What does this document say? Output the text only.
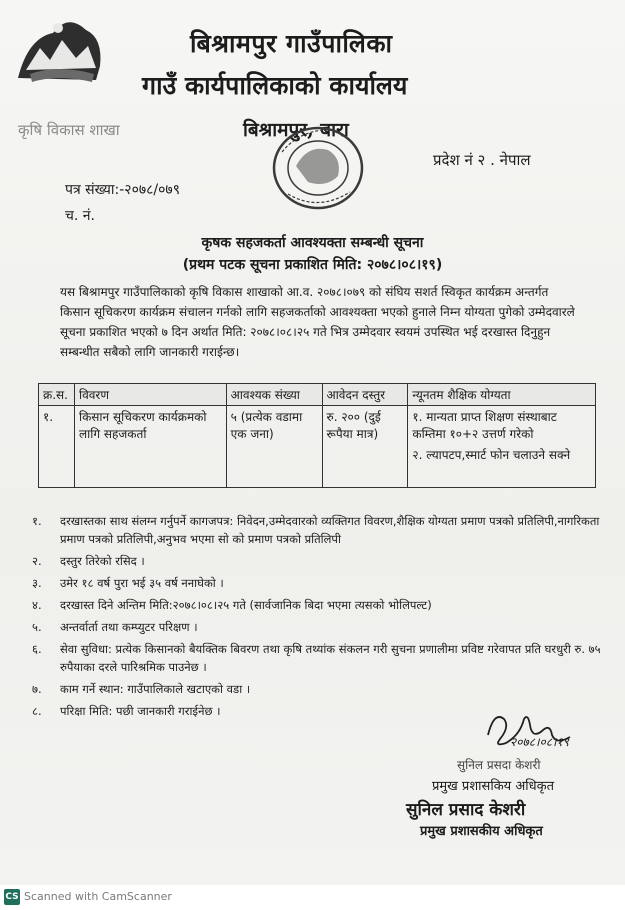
बिश्रामपुर गाउँपालिका
गाउँ कार्यपालिकाको कार्यालय
कृषि विकास शाखा	बिश्रामपुर, बारा
प्रदेश नं २ . नेपाल
पत्र संख्या:-२०७८/०७९
च. नं.
कृषक सहजकर्ता आवश्यक्ता सम्बन्धी सूचना
(प्रथम पटक सूचना प्रकाशित मिति: २०७८।०८।१९)
यस बिश्रामपुर गाउँपालिकाको कृषि विकास शाखाको आ.व. २०७८।०७९ को संघिय सशर्त स्विकृत कार्यक्रम अन्तर्गत किसान सूचिकरण कार्यक्रम संचालन गर्नको लागि सहजकर्ताको आवश्यक्ता भएको हुनाले निम्न योग्यता पुगेको उम्मेदवारले सूचना प्रकाशित भएको ७ दिन अर्थात मिति: २०७८।०८।२५ गते भित्र उम्मेदवार स्वयमं उपस्थित भई दरखास्त दिनुहुन सम्बन्धीत सबैको लागि जानकारी गराईन्छ।
क्र.स.	विवरण	आवश्यक संख्या	आवेदन दस्तुर	न्यूनतम शैक्षिक योग्यता
१.	किसान सूचिकरण कार्यक्रमको लागि सहजकर्ता	५ (प्रत्येक वडामा एक जना)	रु. २०० (दुई रूपैया मात्र)	१. मान्यता प्राप्त शिक्षण संस्थाबाट कम्तिमा १०+२ उत्तर्ण गरेको
२. ल्यापटप,स्मार्ट फोन चलाउने सक्ने
१. दरखास्तका साथ संलग्न गर्नुपर्ने कागजपत्र: निवेदन,उम्मेदवारको व्यक्तिगत विवरण,शैक्षिक योग्यता प्रमाण पत्रको प्रतिलिपी,नागरिकता प्रमाण पत्रको प्रतिलिपी,अनुभव भएमा सो को प्रमाण पत्रको प्रतिलिपी
२. दस्तुर तिरेको रसिद ।
३. उमेर १८ वर्ष पुरा भई ३५ वर्ष ननाघेको ।
४. दरखास्त दिने अन्तिम मिति:२०७८।०८।२५ गते (सार्वजानिक बिदा भएमा त्यसको भोलिपल्ट)
५. अन्तर्वार्ता तथा कम्प्युटर परिक्षण ।
६. सेवा सुविधा: प्रत्येक किसानको बैयक्तिक बिवरण तथा कृषि तथ्यांक संकलन गरी सुचना प्रणालीमा प्रविष्ट गरेवापत प्रति घरधुरी रु. ७५ रुपैयाका दरले पारिश्रमिक पाउनेछ ।
७. काम गर्ने स्थान: गाउँपालिकाले खटाएको वडा ।
८. परिक्षा मिति: पछी जानकारी गराईनेछ ।
२०७८।०८।१९
सुनिल प्रसदा केशरी
प्रमुख प्रशासकिय अधिकृत
सुनिल प्रसाद केशरी
प्रमुख प्रशासकीय अधिकृत
CS Scanned with CamScanner
